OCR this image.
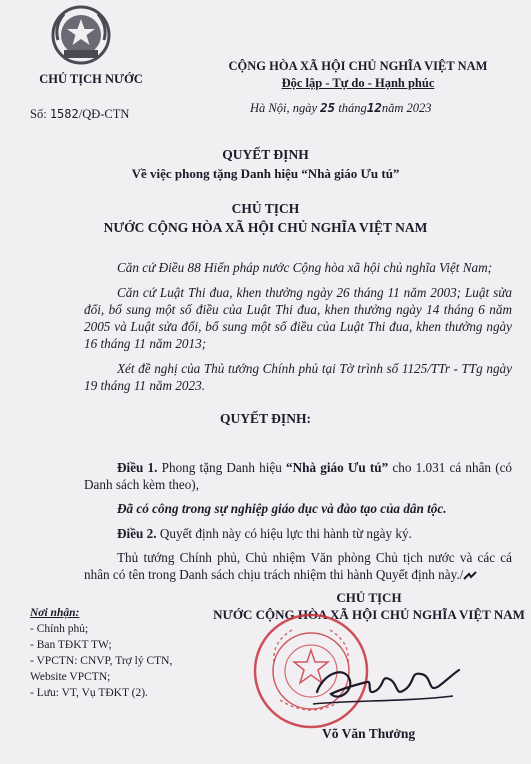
CHỦ TỊCH NƯỚC
Số: 1582/QĐ-CTN
CỘNG HÒA XÃ HỘI CHỦ NGHĨA VIỆT NAM
Độc lập - Tự do - Hạnh phúc
Hà Nội, ngày 25 tháng12năm 2023
QUYẾT ĐỊNH
Về việc phong tặng Danh hiệu “Nhà giáo Ưu tú”
CHỦ TỊCH
NƯỚC CỘNG HÒA XÃ HỘI CHỦ NGHĨA VIỆT NAM
Căn cứ Điều 88 Hiến pháp nước Cộng hòa xã hội chủ nghĩa Việt Nam;
Căn cứ Luật Thi đua, khen thưởng ngày 26 tháng 11 năm 2003; Luật sửa đổi, bổ sung một số điều của Luật Thi đua, khen thưởng ngày 14 tháng 6 năm 2005 và Luật sửa đổi, bổ sung một số điều của Luật Thi đua, khen thưởng ngày 16 tháng 11 năm 2013;
Xét đề nghị của Thủ tướng Chính phủ tại Tờ trình số 1125/TTr - TTg ngày 19 tháng 11 năm 2023.
QUYẾT ĐỊNH:
Điều 1. Phong tặng Danh hiệu “Nhà giáo Ưu tú” cho 1.031 cá nhân (có Danh sách kèm theo),
Đã có công trong sự nghiệp giáo dục và đào tạo của dân tộc.
Điều 2. Quyết định này có hiệu lực thi hành từ ngày ký.
Thủ tướng Chính phủ, Chủ nhiệm Văn phòng Chủ tịch nước và các cá nhân có tên trong Danh sách chịu trách nhiệm thi hành Quyết định này./
CHỦ TỊCH
NƯỚC CỘNG HÒA XÃ HỘI CHỦ NGHĨA VIỆT NAM
Nơi nhận:
- Chính phủ;
- Ban TĐKT TW;
- VPCTN: CNVP, Trợ lý CTN,
Website VPCTN;
- Lưu: VT, Vụ TĐKT (2).
Võ Văn Thưởng
